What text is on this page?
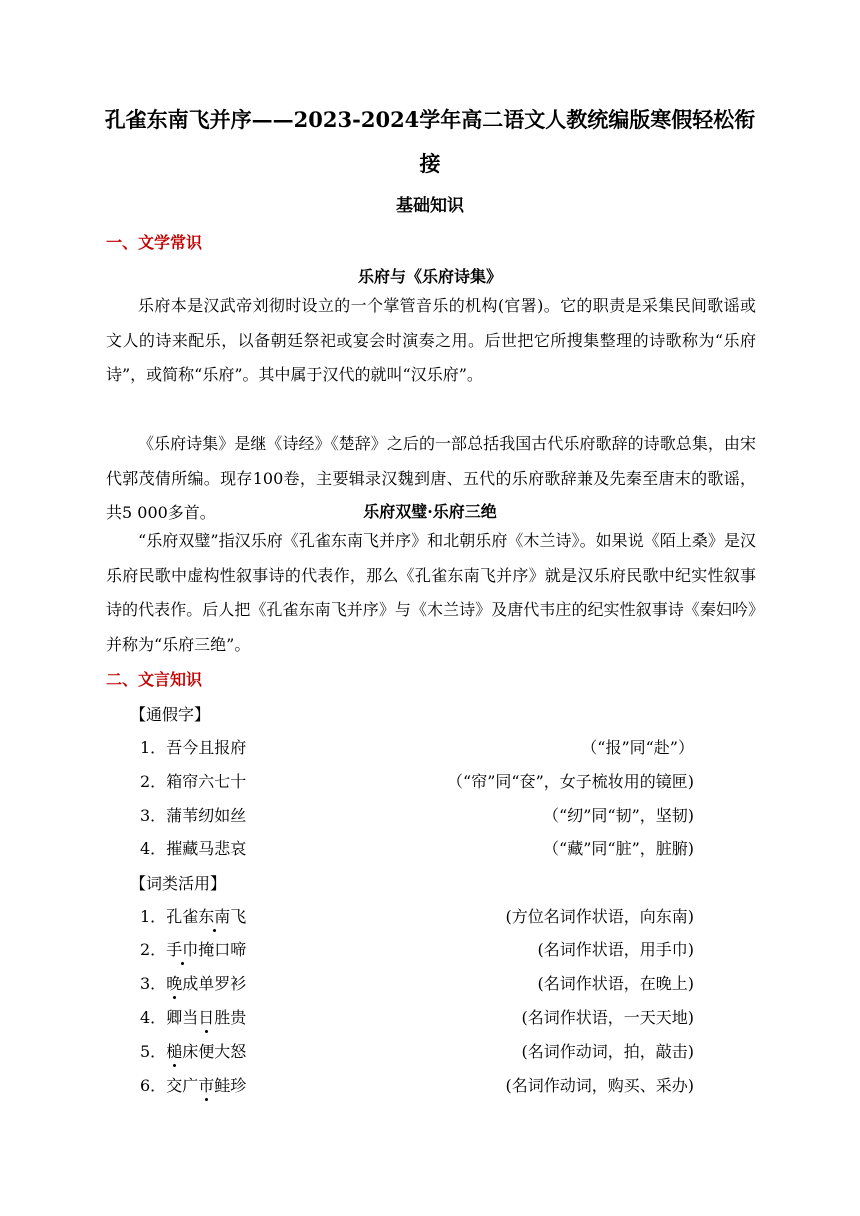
孔雀东南飞并序——2023-2024学年高二语文人教统编版寒假轻松衔
接
基础知识
一、文学常识
乐府与《乐府诗集》

乐府本是汉武帝刘彻时设立的一个掌管音乐的机构(官署)。它的职责是采集民间歌谣或文人的诗来配乐，以备朝廷祭祀或宴会时演奏之用。后世把它所搜集整理的诗歌称为“乐府诗”，或简称“乐府”。其中属于汉代的就叫“汉乐府”。

《乐府诗集》是继《诗经》《楚辞》之后的一部总括我国古代乐府歌辞的诗歌总集，由宋代郭茂倩所编。现存100卷，主要辑录汉魏到唐、五代的乐府歌辞兼及先秦至唐末的歌谣，共5 000多首。	乐府双璧·乐府三绝

“乐府双璧”指汉乐府《孔雀东南飞并序》和北朝乐府《木兰诗》。如果说《陌上桑》是汉乐府民歌中虚构性叙事诗的代表作，那么《孔雀东南飞并序》就是汉乐府民歌中纪实性叙事诗的代表作。后人把《孔雀东南飞并序》与《木兰诗》及唐代韦庄的纪实性叙事诗《秦妇吟》并称为“乐府三绝”。

二、文言知识
【通假字】
1．吾今且报府	（“报”同“赴”）
2．箱帘六七十	（“帘”同“奁”，女子梳妆用的镜匣)
3．蒲苇纫如丝	（“纫”同“韧”，坚韧)
4．摧藏马悲哀	（“藏”同“脏”，脏腑)
【词类活用】
1．孔雀东南飞	(方位名词作状语，向东南)
2．手巾掩口啼	(名词作状语，用手巾)
3．晚成单罗衫	(名词作状语，在晚上)
4．卿当日胜贵	(名词作状语，一天天地)
5．槌床便大怒	(名词作动词，拍，敲击)
6．交广市鲑珍	(名词作动词，购买、采办)
